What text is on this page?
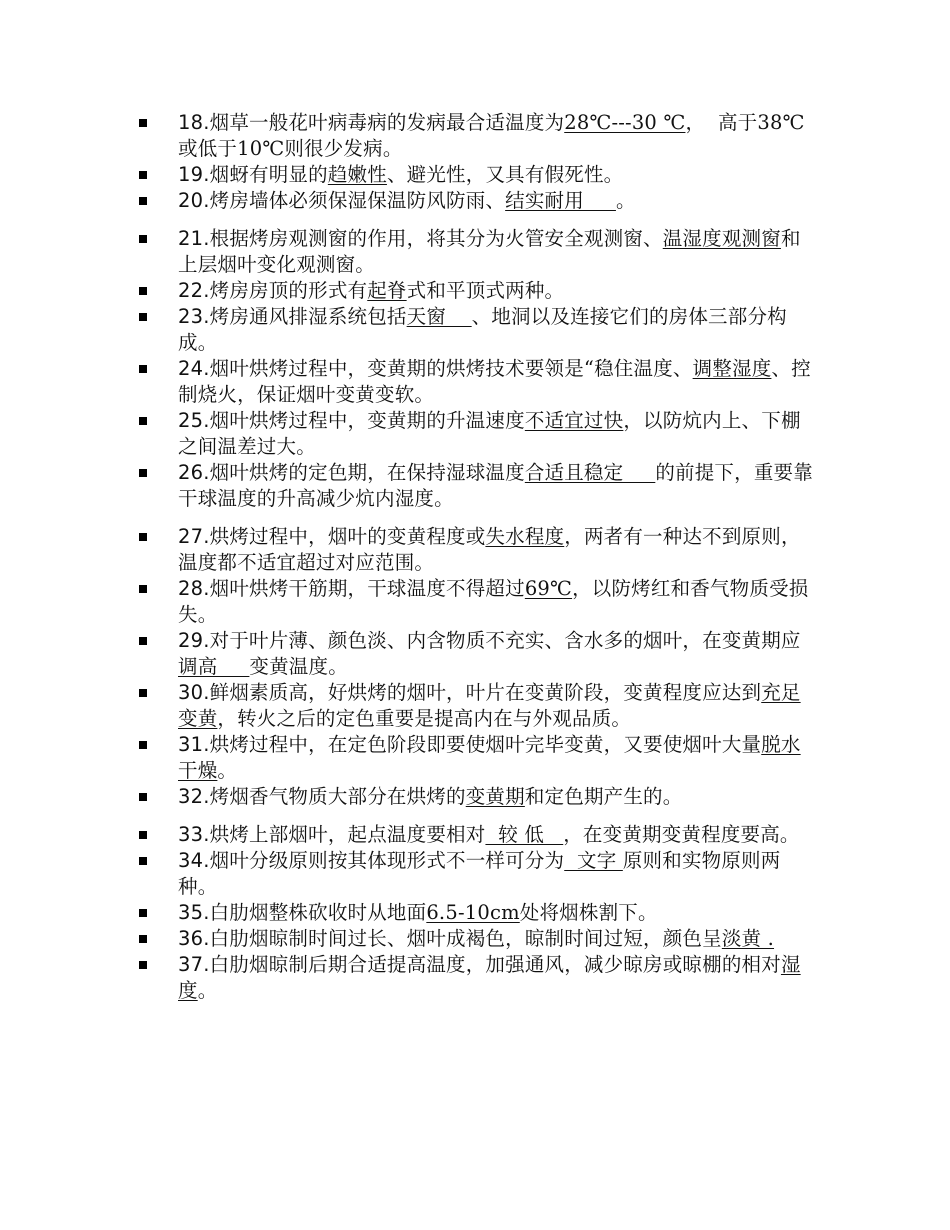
18.烟草一般花叶病毒病的发病最合适温度为28℃---30 ℃，  高于38℃或低于10℃则很少发病。
19.烟蚜有明显的趋嫩性、避光性，又具有假死性。
20.烤房墙体必须保湿保温防风防雨、结实耐用     。
21.根据烤房观测窗的作用，将其分为火管安全观测窗、温湿度观测窗和上层烟叶变化观测窗。
22.烤房房顶的形式有起脊式和平顶式两种。
23.烤房通风排湿系统包括天窗    、地洞以及连接它们的房体三部分构成。
24.烟叶烘烤过程中，变黄期的烘烤技术要领是“稳住温度、调整湿度、控制烧火，保证烟叶变黄变软。
25.烟叶烘烤过程中，变黄期的升温速度不适宜过快，以防炕内上、下棚之间温差过大。
26.烟叶烘烤的定色期，在保持湿球温度合适且稳定     的前提下，重要靠干球温度的升高减少炕内湿度。
27.烘烤过程中，烟叶的变黄程度或失水程度，两者有一种达不到原则，温度都不适宜超过对应范围。
28.烟叶烘烤干筋期，干球温度不得超过69℃，以防烤红和香气物质受损失。
29.对于叶片薄、颜色淡、内含物质不充实、含水多的烟叶，在变黄期应调高     变黄温度。
30.鲜烟素质高，好烘烤的烟叶，叶片在变黄阶段，变黄程度应达到充足变黄，转火之后的定色重要是提高内在与外观品质。
31.烘烤过程中，在定色阶段即要使烟叶完毕变黄，又要使烟叶大量脱水干燥。
32.烤烟香气物质大部分在烘烤的变黄期和定色期产生的。
33.烘烤上部烟叶，起点温度要相对  较 低   ，在变黄期变黄程度要高。
34.烟叶分级原则按其体现形式不一样可分为  文字 原则和实物原则两种。
35.白肋烟整株砍收时从地面6.5-10cm处将烟株割下。
36.白肋烟晾制时间过长、烟叶成褐色，晾制时间过短，颜色呈淡黄 .
37.白肋烟晾制后期合适提高温度，加强通风，减少晾房或晾棚的相对湿度。
